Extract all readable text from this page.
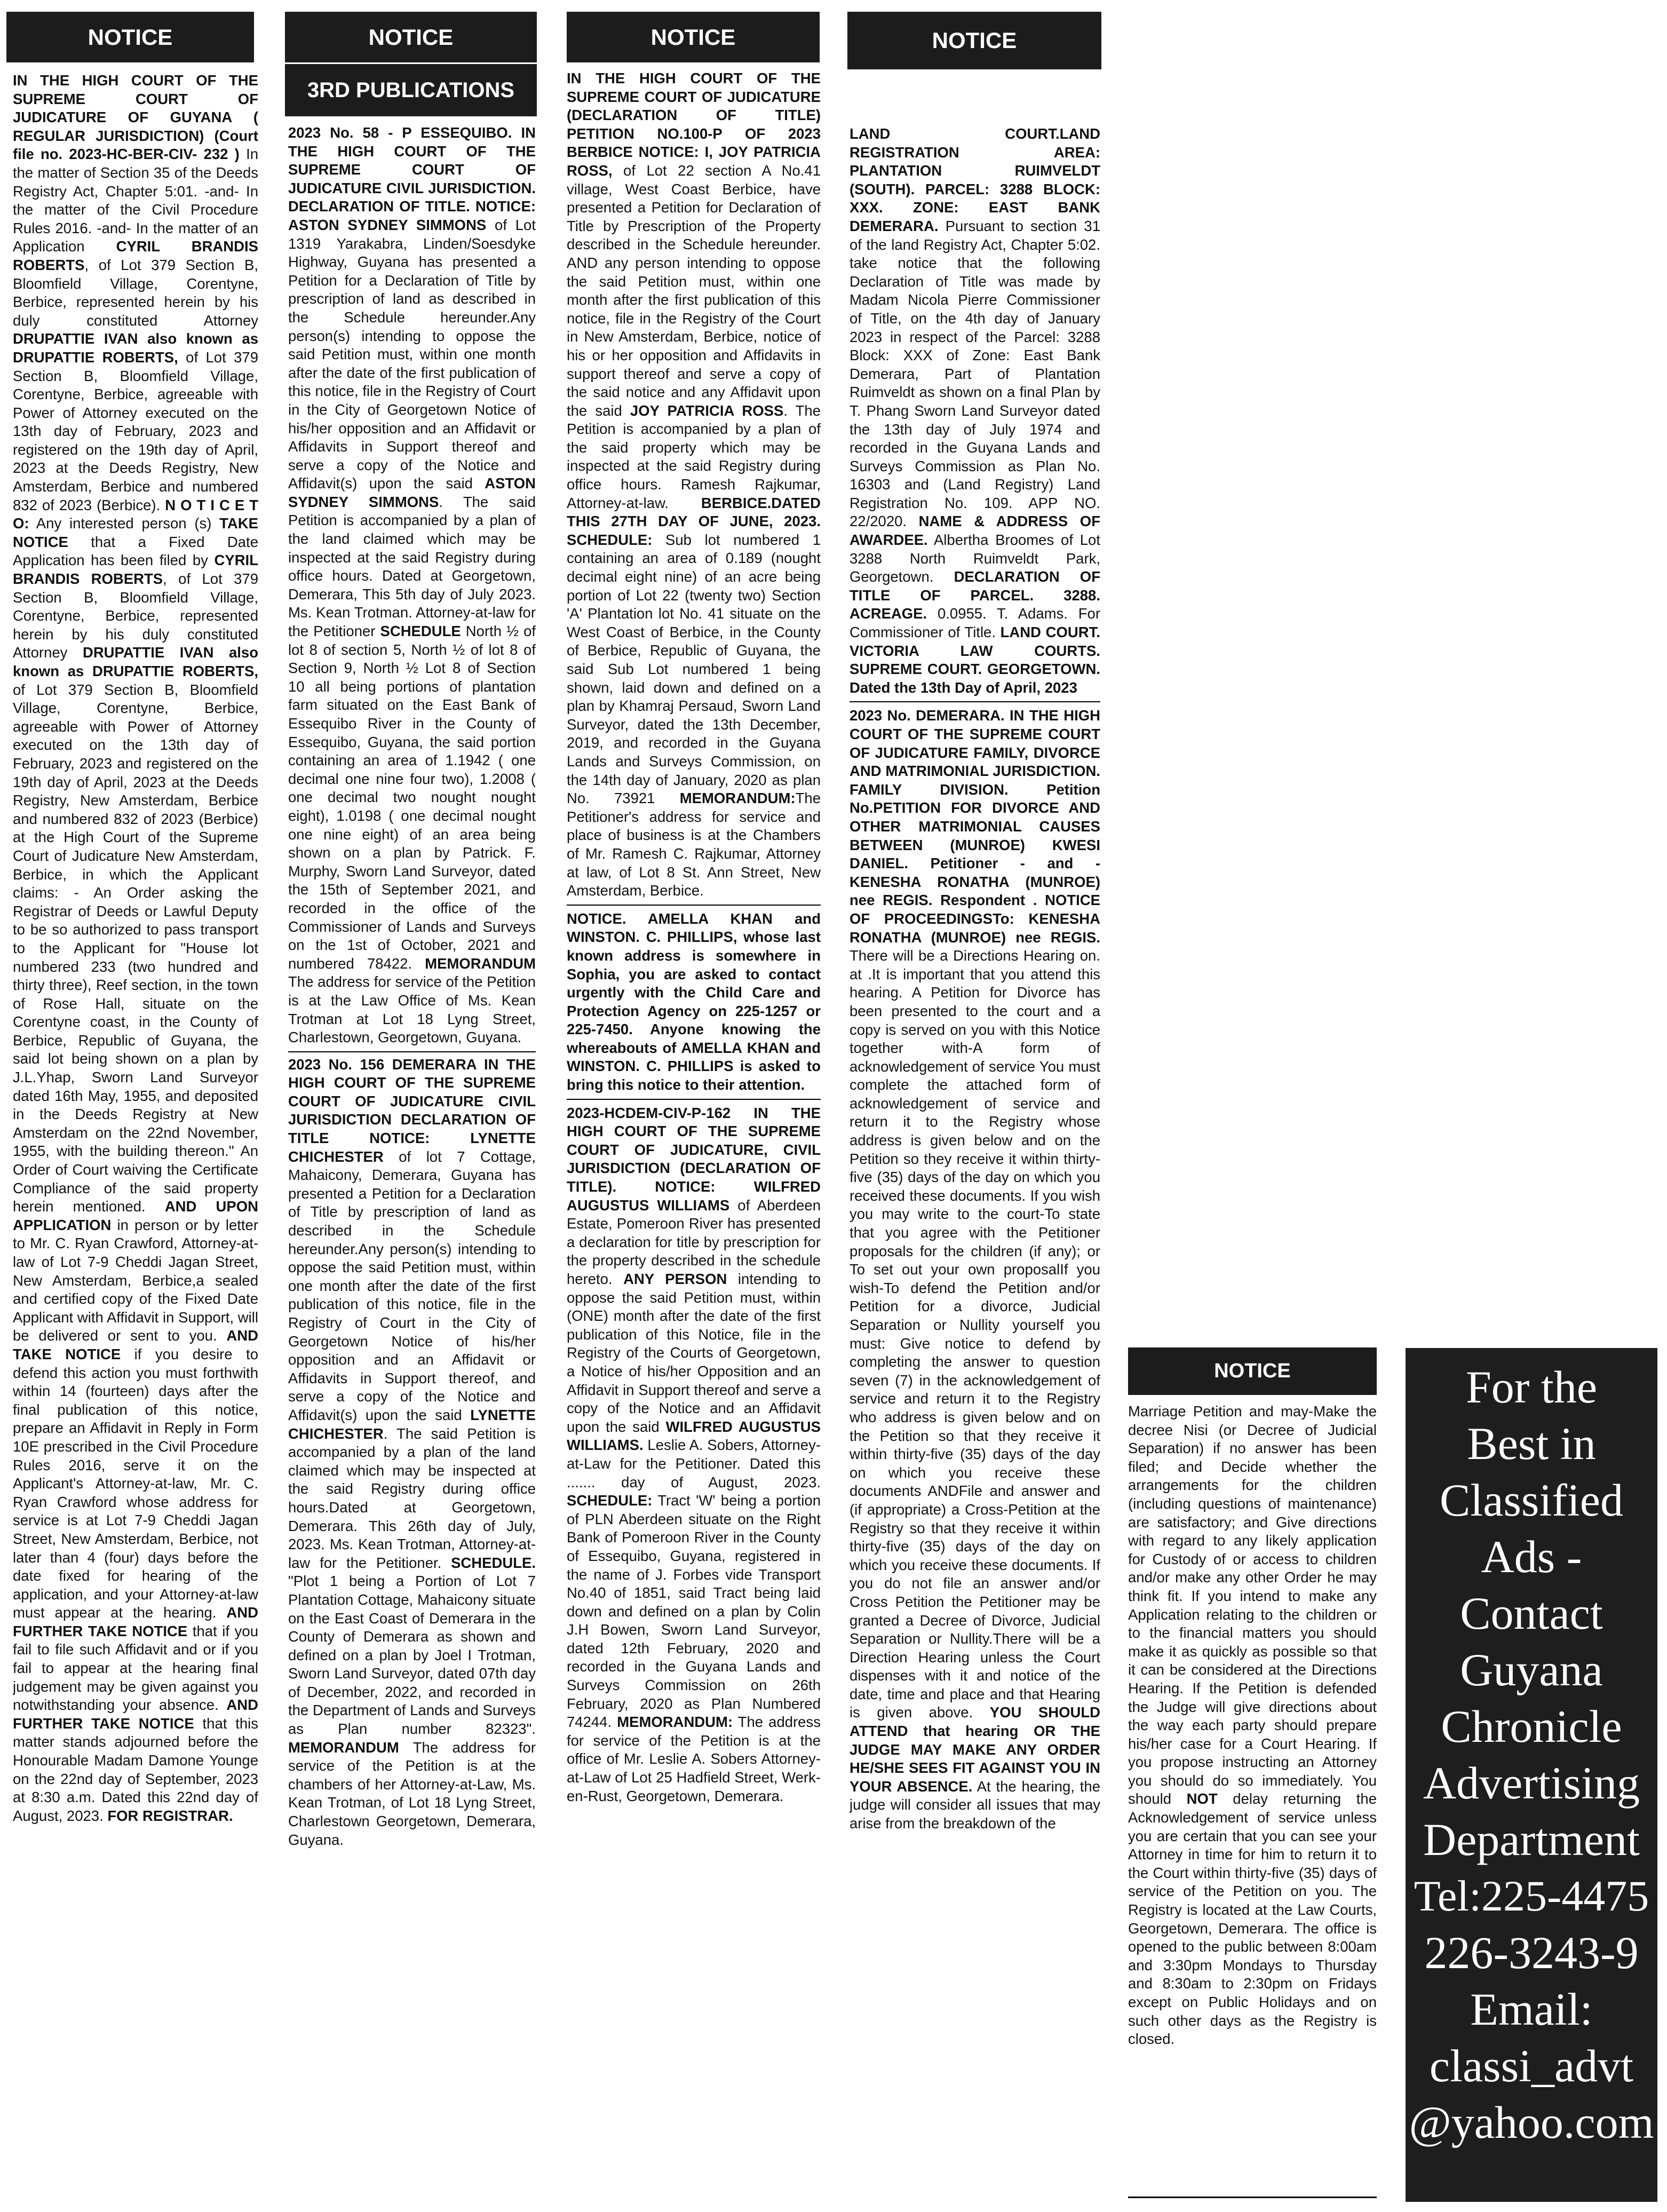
NOTICE	NOTICE
3RD PUBLICATIONS
NOTICE	NOTICE
NOTICE

IN THE HIGH COURT OF THE SUPREME COURT OF JUDICATURE OF GUYANA ( REGULAR JURISDICTION) (Court file no. 2023-HC-BER-CIV- 232 ) In the matter of Section 35 of the Deeds Registry Act, Chapter 5:01. -and- In the matter of the Civil Procedure Rules 2016. -and- In the matter of an Application CYRIL BRANDIS ROBERTS, of Lot 379 Section B, Bloomfield Village, Corentyne, Berbice, represented herein by his duly constituted Attorney DRUPATTIE IVAN also known as DRUPATTIE ROBERTS, of Lot 379 Section B, Bloomfield Village, Corentyne, Berbice, agreeable with Power of Attorney executed on the 13th day of February, 2023 and registered on the 19th day of April, 2023 at the Deeds Registry, New Amsterdam, Berbice and numbered 832 of 2023 (Berbice). N O T I C E T O: Any interested person (s) TAKE NOTICE that a Fixed Date Application has been filed by CYRIL BRANDIS ROBERTS, of Lot 379 Section B, Bloomfield Village, Corentyne, Berbice, represented herein by his duly constituted Attorney DRUPATTIE IVAN also known as DRUPATTIE ROBERTS, of Lot 379 Section B, Bloomfield Village, Corentyne, Berbice, agreeable with Power of Attorney executed on the 13th day of February, 2023 and registered on the 19th day of April, 2023 at the Deeds Registry, New Amsterdam, Berbice and numbered 832 of 2023 (Berbice) at the High Court of the Supreme Court of Judicature New Amsterdam, Berbice, in which the Applicant claims: - An Order asking the Registrar of Deeds or Lawful Deputy to be so authorized to pass transport to the Applicant for "House lot numbered 233 (two hundred and thirty three), Reef section, in the town of Rose Hall, situate on the Corentyne coast, in the County of Berbice, Republic of Guyana, the said lot being shown on a plan by J.L.Yhap, Sworn Land Surveyor dated 16th May, 1955, and deposited in the Deeds Registry at New Amsterdam on the 22nd November, 1955, with the building thereon." An Order of Court waiving the Certificate Compliance of the said property herein mentioned. AND UPON APPLICATION in person or by letter to Mr. C. Ryan Crawford, Attorney-at-law of Lot 7-9 Cheddi Jagan Street, New Amsterdam, Berbice,a sealed and certified copy of the Fixed Date Applicant with Affidavit in Support, will be delivered or sent to you. AND TAKE NOTICE if you desire to defend this action you must forthwith within 14 (fourteen) days after the final publication of this notice, prepare an Affidavit in Reply in Form 10E prescribed in the Civil Procedure Rules 2016, serve it on the Applicant's Attorney-at-law, Mr. C. Ryan Crawford whose address for service is at Lot 7-9 Cheddi Jagan Street, New Amsterdam, Berbice, not later than 4 (four) days before the date fixed for hearing of the application, and your Attorney-at-law must appear at the hearing. AND FURTHER TAKE NOTICE that if you fail to file such Affidavit and or if you fail to appear at the hearing final judgement may be given against you notwithstanding your absence. AND FURTHER TAKE NOTICE that this matter stands adjourned before the Honourable Madam Damone Younge on the 22nd day of September, 2023 at 8:30 a.m. Dated this 22nd day of August, 2023. FOR REGISTRAR.

2023 No. 58 - P ESSEQUIBO. IN THE HIGH COURT OF THE SUPREME COURT OF JUDICATURE CIVIL JURISDICTION. DECLARATION OF TITLE. NOTICE: ASTON SYDNEY SIMMONS of Lot 1319 Yarakabra, Linden/Soesdyke Highway, Guyana has presented a Petition for a Declaration of Title by prescription of land as described in the Schedule hereunder.Any person(s) intending to oppose the said Petition must, within one month after the date of the first publication of this notice, file in the Registry of Court in the City of Georgetown Notice of his/her opposition and an Affidavit or Affidavits in Support thereof and serve a copy of the Notice and Affidavit(s) upon the said ASTON SYDNEY SIMMONS. The said Petition is accompanied by a plan of the land claimed which may be inspected at the said Registry during office hours. Dated at Georgetown, Demerara, This 5th day of July 2023. Ms. Kean Trotman. Attorney-at-law for the Petitioner SCHEDULE North ½ of lot 8 of section 5, North ½ of lot 8 of Section 9, North ½ Lot 8 of Section 10 all being portions of plantation farm situated on the East Bank of Essequibo River in the County of Essequibo, Guyana, the said portion containing an area of 1.1942 ( one decimal one nine four two), 1.2008 ( one decimal two nought nought eight), 1.0198 ( one decimal nought one nine eight) of an area being shown on a plan by Patrick. F. Murphy, Sworn Land Surveyor, dated the 15th of September 2021, and recorded in the office of the Commissioner of Lands and Surveys on the 1st of October, 2021 and numbered 78422. MEMORANDUM The address for service of the Petition is at the Law Office of Ms. Kean Trotman at Lot 18 Lyng Street, Charlestown, Georgetown, Guyana.

2023 No. 156 DEMERARA IN THE HIGH COURT OF THE SUPREME COURT OF JUDICATURE CIVIL JURISDICTION DECLARATION OF TITLE NOTICE: LYNETTE CHICHESTER of lot 7 Cottage, Mahaicony, Demerara, Guyana has presented a Petition for a Declaration of Title by prescription of land as described in the Schedule hereunder.Any person(s) intending to oppose the said Petition must, within one month after the date of the first publication of this notice, file in the Registry of Court in the City of Georgetown Notice of his/her opposition and an Affidavit or Affidavits in Support thereof, and serve a copy of the Notice and Affidavit(s) upon the said LYNETTE CHICHESTER. The said Petition is accompanied by a plan of the land claimed which may be inspected at the said Registry during office hours.Dated at Georgetown, Demerara. This 26th day of July, 2023. Ms. Kean Trotman, Attorney-at-law for the Petitioner. SCHEDULE. "Plot 1 being a Portion of Lot 7 Plantation Cottage, Mahaicony situate on the East Coast of Demerara in the County of Demerara as shown and defined on a plan by Joel I Trotman, Sworn Land Surveyor, dated 07th day of December, 2022, and recorded in the Department of Lands and Surveys as Plan number 82323". MEMORANDUM The address for service of the Petition is at the chambers of her Attorney-at-Law, Ms. Kean Trotman, of Lot 18 Lyng Street, Charlestown Georgetown, Demerara, Guyana.

IN THE HIGH COURT OF THE SUPREME COURT OF JUDICATURE (DECLARATION OF TITLE) PETITION NO.100-P OF 2023 BERBICE NOTICE: I, JOY PATRICIA ROSS, of Lot 22 section A No.41 village, West Coast Berbice, have presented a Petition for Declaration of Title by Prescription of the Property described in the Schedule hereunder. AND any person intending to oppose the said Petition must, within one month after the first publication of this notice, file in the Registry of the Court in New Amsterdam, Berbice, notice of his or her opposition and Affidavits in support thereof and serve a copy of the said notice and any Affidavit upon the said JOY PATRICIA ROSS. The Petition is accompanied by a plan of the said property which may be inspected at the said Registry during office hours. Ramesh Rajkumar, Attorney-at-law. BERBICE.DATED THIS 27TH DAY OF JUNE, 2023. SCHEDULE: Sub lot numbered 1 containing an area of 0.189 (nought decimal eight nine) of an acre being portion of Lot 22 (twenty two) Section 'A' Plantation lot No. 41 situate on the West Coast of Berbice, in the County of Berbice, Republic of Guyana, the said Sub Lot numbered 1 being shown, laid down and defined on a plan by Khamraj Persaud, Sworn Land Surveyor, dated the 13th December, 2019, and recorded in the Guyana Lands and Surveys Commission, on the 14th day of January, 2020 as plan No. 73921 MEMORANDUM:The Petitioner's address for service and place of business is at the Chambers of Mr. Ramesh C. Rajkumar, Attorney at law, of Lot 8 St. Ann Street, New Amsterdam, Berbice.

NOTICE. AMELLA KHAN and WINSTON. C. PHILLIPS, whose last known address is somewhere in Sophia, you are asked to contact urgently with the Child Care and Protection Agency on 225-1257 or 225-7450. Anyone knowing the whereabouts of AMELLA KHAN and WINSTON. C. PHILLIPS is asked to bring this notice to their attention.

2023-HCDEM-CIV-P-162 IN THE HIGH COURT OF THE SUPREME COURT OF JUDICATURE, CIVIL JURISDICTION (DECLARATION OF TITLE). NOTICE: WILFRED AUGUSTUS WILLIAMS of Aberdeen Estate, Pomeroon River has presented a declaration for title by prescription for the property described in the schedule hereto. ANY PERSON intending to oppose the said Petition must, within (ONE) month after the date of the first publication of this Notice, file in the Registry of the Courts of Georgetown, a Notice of his/her Opposition and an Affidavit in Support thereof and serve a copy of the Notice and an Affidavit upon the said WILFRED AUGUSTUS WILLIAMS. Leslie A. Sobers, Attorney-at-Law for the Petitioner. Dated this ....... day of August, 2023. SCHEDULE: Tract 'W' being a portion of PLN Aberdeen situate on the Right Bank of Pomeroon River in the County of Essequibo, Guyana, registered in the name of J. Forbes vide Transport No.40 of 1851, said Tract being laid down and defined on a plan by Colin J.H Bowen, Sworn Land Surveyor, dated 12th February, 2020 and recorded in the Guyana Lands and Surveys Commission on 26th February, 2020 as Plan Numbered 74244. MEMORANDUM: The address for service of the Petition is at the office of Mr. Leslie A. Sobers Attorney-at-Law of Lot 25 Hadfield Street, Werk-en-Rust, Georgetown, Demerara.

LAND COURT.LAND REGISTRATION AREA: PLANTATION RUIMVELDT (SOUTH). PARCEL: 3288 BLOCK: XXX. ZONE: EAST BANK DEMERARA. Pursuant to section 31 of the land Registry Act, Chapter 5:02. take notice that the following Declaration of Title was made by Madam Nicola Pierre Commissioner of Title, on the 4th day of January 2023 in respect of the Parcel: 3288 Block: XXX of Zone: East Bank Demerara, Part of Plantation Ruimveldt as shown on a final Plan by T. Phang Sworn Land Surveyor dated the 13th day of July 1974 and recorded in the Guyana Lands and Surveys Commission as Plan No. 16303 and (Land Registry) Land Registration No. 109. APP NO. 22/2020. NAME & ADDRESS OF AWARDEE. Albertha Broomes of Lot 3288 North Ruimveldt Park, Georgetown. DECLARATION OF TITLE OF PARCEL. 3288. ACREAGE. 0.0955. T. Adams. For Commissioner of Title. LAND COURT. VICTORIA LAW COURTS. SUPREME COURT. GEORGETOWN. Dated the 13th Day of April, 2023

2023 No. DEMERARA. IN THE HIGH COURT OF THE SUPREME COURT OF JUDICATURE FAMILY, DIVORCE AND MATRIMONIAL JURISDICTION. FAMILY DIVISION. Petition No.PETITION FOR DIVORCE AND OTHER MATRIMONIAL CAUSES BETWEEN (MUNROE) KWESI DANIEL. Petitioner - and - KENESHA RONATHA (MUNROE) nee REGIS. Respondent . NOTICE OF PROCEEDINGSTo: KENESHA RONATHA (MUNROE) nee REGIS. There will be a Directions Hearing on. at .It is important that you attend this hearing. A Petition for Divorce has been presented to the court and a copy is served on you with this Notice together with-A form of acknowledgement of service You must complete the attached form of acknowledgement of service and return it to the Registry whose address is given below and on the Petition so they receive it within thirty-five (35) days of the day on which you received these documents. If you wish you may write to the court-To state that you agree with the Petitioner proposals for the children (if any); or To set out your own proposalIf you wish-To defend the Petition and/or Petition for a divorce, Judicial Separation or Nullity yourself you must: Give notice to defend by completing the answer to question seven (7) in the acknowledgement of service and return it to the Registry who address is given below and on the Petition so that they receive it within thirty-five (35) days of the day on which you receive these documents ANDFile and answer and (if appropriate) a Cross-Petition at the Registry so that they receive it within thirty-five (35) days of the day on which you receive these documents. If you do not file an answer and/or Cross Petition the Petitioner may be granted a Decree of Divorce, Judicial Separation or Nullity.There will be a Direction Hearing unless the Court dispenses with it and notice of the date, time and place and that Hearing is given above. YOU SHOULD ATTEND that hearing OR THE JUDGE MAY MAKE ANY ORDER HE/SHE SEES FIT AGAINST YOU IN YOUR ABSENCE. At the hearing, the judge will consider all issues that may arise from the breakdown of the

Marriage Petition and may-Make the decree Nisi (or Decree of Judicial Separation) if no answer has been filed; and Decide whether the arrangements for the children (including questions of maintenance) are satisfactory; and Give directions with regard to any likely application for Custody of or access to children and/or make any other Order he may think fit. If you intend to make any Application relating to the children or to the financial matters you should make it as quickly as possible so that it can be considered at the Directions Hearing. If the Petition is defended the Judge will give directions about the way each party should prepare his/her case for a Court Hearing. If you propose instructing an Attorney you should do so immediately. You should NOT delay returning the Acknowledgement of service unless you are certain that you can see your Attorney in time for him to return it to the Court within thirty-five (35) days of service of the Petition on you. The Registry is located at the Law Courts, Georgetown, Demerara. The office is opened to the public between 8:00am and 3:30pm Mondays to Thursday and 8:30am to 2:30pm on Fridays except on Public Holidays and on such other days as the Registry is closed.

For the
Best in
Classified
Ads -
Contact
Guyana
Chronicle
Advertising
Department
Tel:225-4475
226-3243-9
Email:
classi_advt
@yahoo.com
